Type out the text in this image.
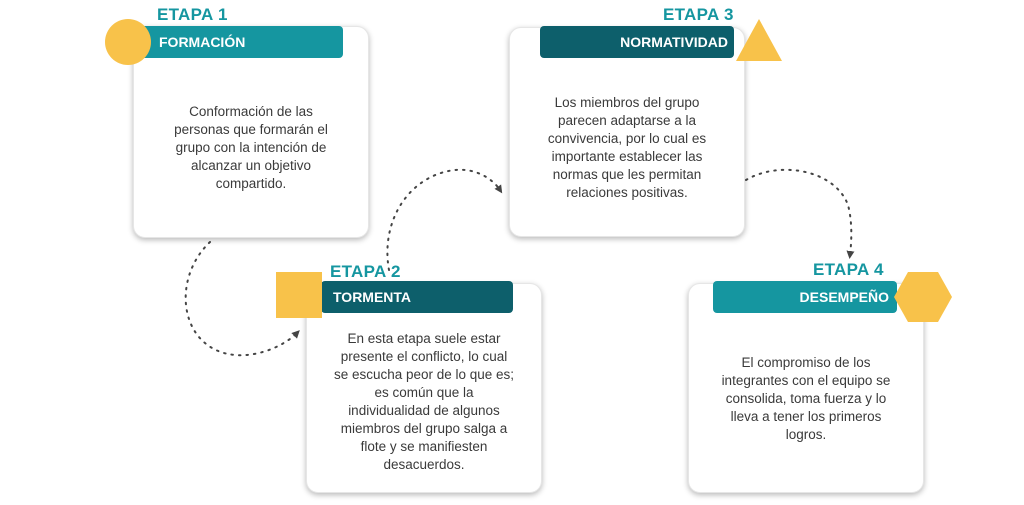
Conformación de las personas que formarán el grupo con la intención de alcanzar un objetivo compartido.
FORMACIÓN
ETAPA 1
En esta etapa suele estar presente el conflicto, lo cual se escucha peor de lo que es; es común que la individualidad de algunos miembros del grupo salga a flote y se manifiesten desacuerdos.
TORMENTA
ETAPA 2
Los miembros del grupo parecen adaptarse a la convivencia, por lo cual es importante establecer las normas que les permitan relaciones positivas.
NORMATIVIDAD
ETAPA 3
El compromiso de los integrantes con el equipo se consolida, toma fuerza y lo lleva a tener los primeros logros.
DESEMPEÑO
ETAPA 4
